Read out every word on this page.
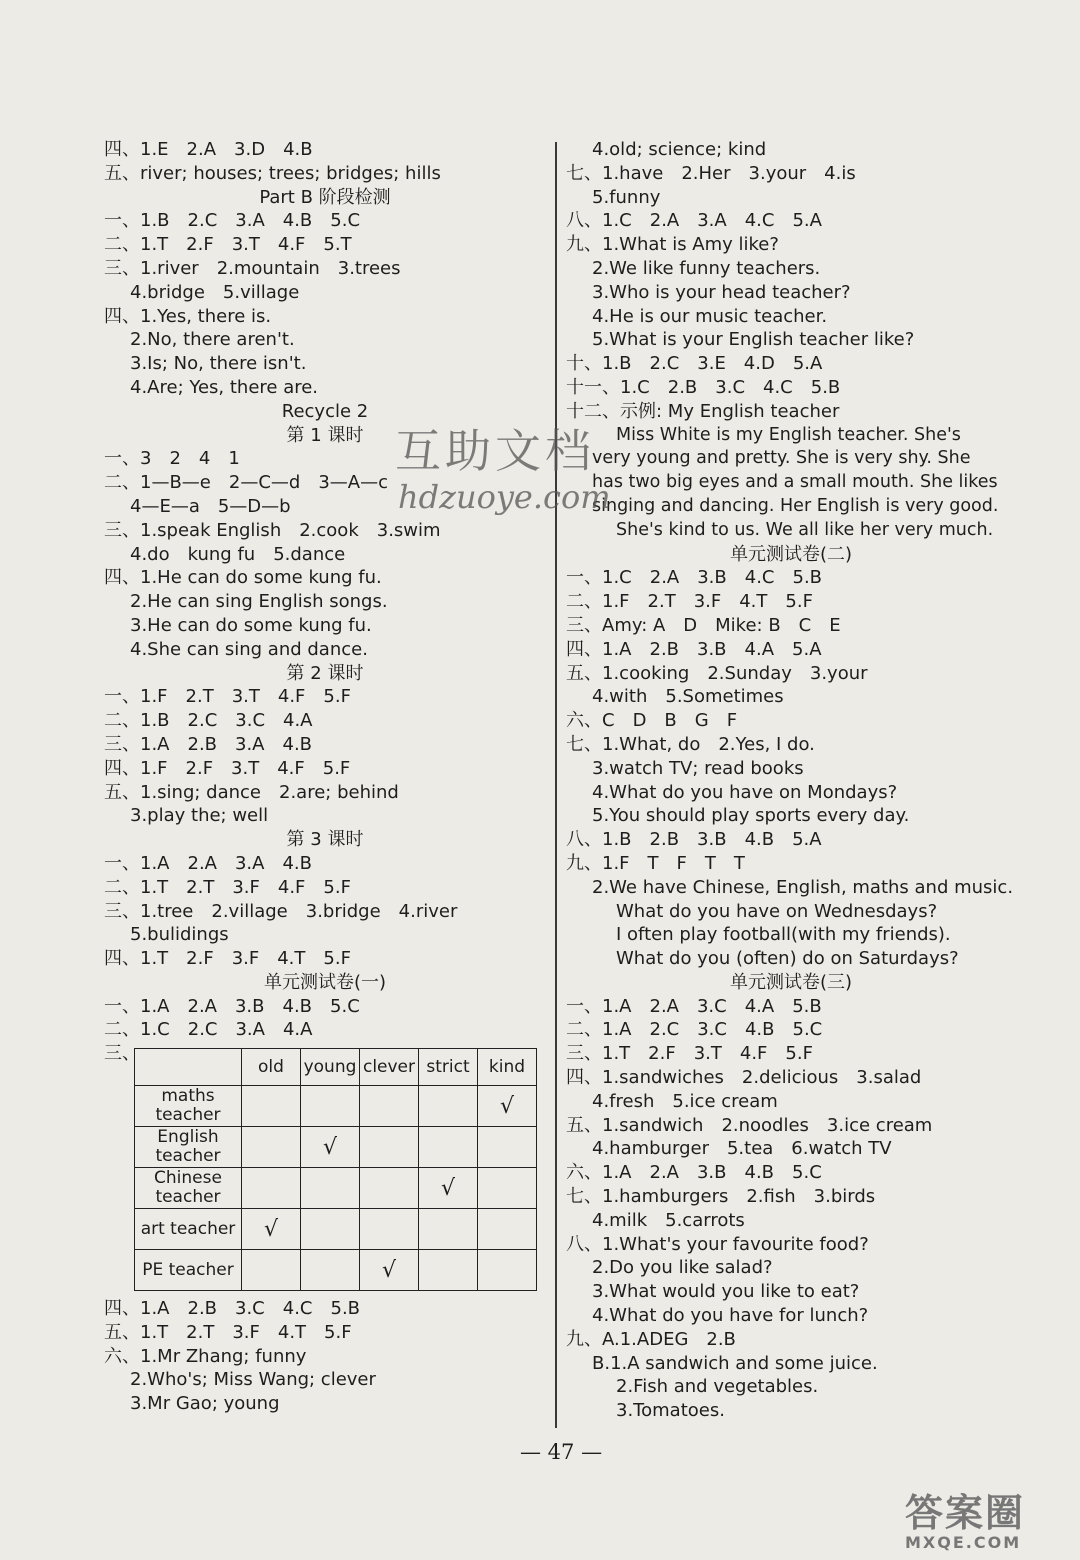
四、1.E　2.A　3.D　4.B
五、river; houses; trees; bridges; hills
Part B 阶段检测
一、1.B　2.C　3.A　4.B　5.C
二、1.T　2.F　3.T　4.F　5.T
三、1.river　2.mountain　3.trees
4.bridge　5.village
四、1.Yes, there is.
2.No, there aren't.
3.Is; No, there isn't.
4.Are; Yes, there are.
Recycle 2
第 1 课时
一、3　2　4　1
二、1—B—e　2—C—d　3—A—c
4—E—a　5—D—b
三、1.speak English　2.cook　3.swim
4.do　kung fu　5.dance
四、1.He can do some kung fu.
2.He can sing English songs.
3.He can do some kung fu.
4.She can sing and dance.
第 2 课时
一、1.F　2.T　3.T　4.F　5.F
二、1.B　2.C　3.C　4.A
三、1.A　2.B　3.A　4.B
四、1.F　2.F　3.T　4.F　5.F
五、1.sing; dance　2.are; behind
3.play the; well
第 3 课时
一、1.A　2.A　3.A　4.B
二、1.T　2.T　3.F　4.F　5.F
三、1.tree　2.village　3.bridge　4.river
5.bulidings
四、1.T　2.F　3.F　4.T　5.F
单元测试卷(一)
一、1.A　2.A　3.B　4.B　5.C
二、1.C　2.C　3.A　4.A
三、
	old	young	clever	strict	kind
maths teacher					√
English teacher		√			
Chinese teacher				√	
art teacher	√				
PE teacher			√		
四、1.A　2.B　3.C　4.C　5.B
五、1.T　2.T　3.F　4.T　5.F
六、1.Mr Zhang; funny
2.Who's; Miss Wang; clever
3.Mr Gao; young
4.old; science; kind
七、1.have　2.Her　3.your　4.is
5.funny
八、1.C　2.A　3.A　4.C　5.A
九、1.What is Amy like?
2.We like funny teachers.
3.Who is your head teacher?
4.He is our music teacher.
5.What is your English teacher like?
十、1.B　2.C　3.E　4.D　5.A
十一、1.C　2.B　3.C　4.C　5.B
十二、示例: My English teacher
Miss White is my English teacher. She's
very young and pretty. She is very shy. She
has two big eyes and a small mouth. She likes
singing and dancing. Her English is very good.
She's kind to us. We all like her very much.
单元测试卷(二)
一、1.C　2.A　3.B　4.C　5.B
二、1.F　2.T　3.F　4.T　5.F
三、Amy: A　D　Mike: B　C　E
四、1.A　2.B　3.B　4.A　5.A
五、1.cooking　2.Sunday　3.your
4.with　5.Sometimes
六、C　D　B　G　F
七、1.What, do　2.Yes, I do.
3.watch TV; read books
4.What do you have on Mondays?
5.You should play sports every day.
八、1.B　2.B　3.B　4.B　5.A
九、1.F　T　F　T　T
2.We have Chinese, English, maths and music.
What do you have on Wednesdays?
I often play football(with my friends).
What do you (often) do on Saturdays?
单元测试卷(三)
一、1.A　2.A　3.C　4.A　5.B
二、1.A　2.C　3.C　4.B　5.C
三、1.T　2.F　3.T　4.F　5.F
四、1.sandwiches　2.delicious　3.salad
4.fresh　5.ice cream
五、1.sandwich　2.noodles　3.ice cream
4.hamburger　5.tea　6.watch TV
六、1.A　2.A　3.B　4.B　5.C
七、1.hamburgers　2.fish　3.birds
4.milk　5.carrots
八、1.What's your favourite food?
2.Do you like salad?
3.What would you like to eat?
4.What do you have for lunch?
九、A.1.ADEG　2.B
B.1.A sandwich and some juice.
2.Fish and vegetables.
3.Tomatoes.
— 47 —
互助文档
hdzuoye.com
答案圈
MXQE.COM
